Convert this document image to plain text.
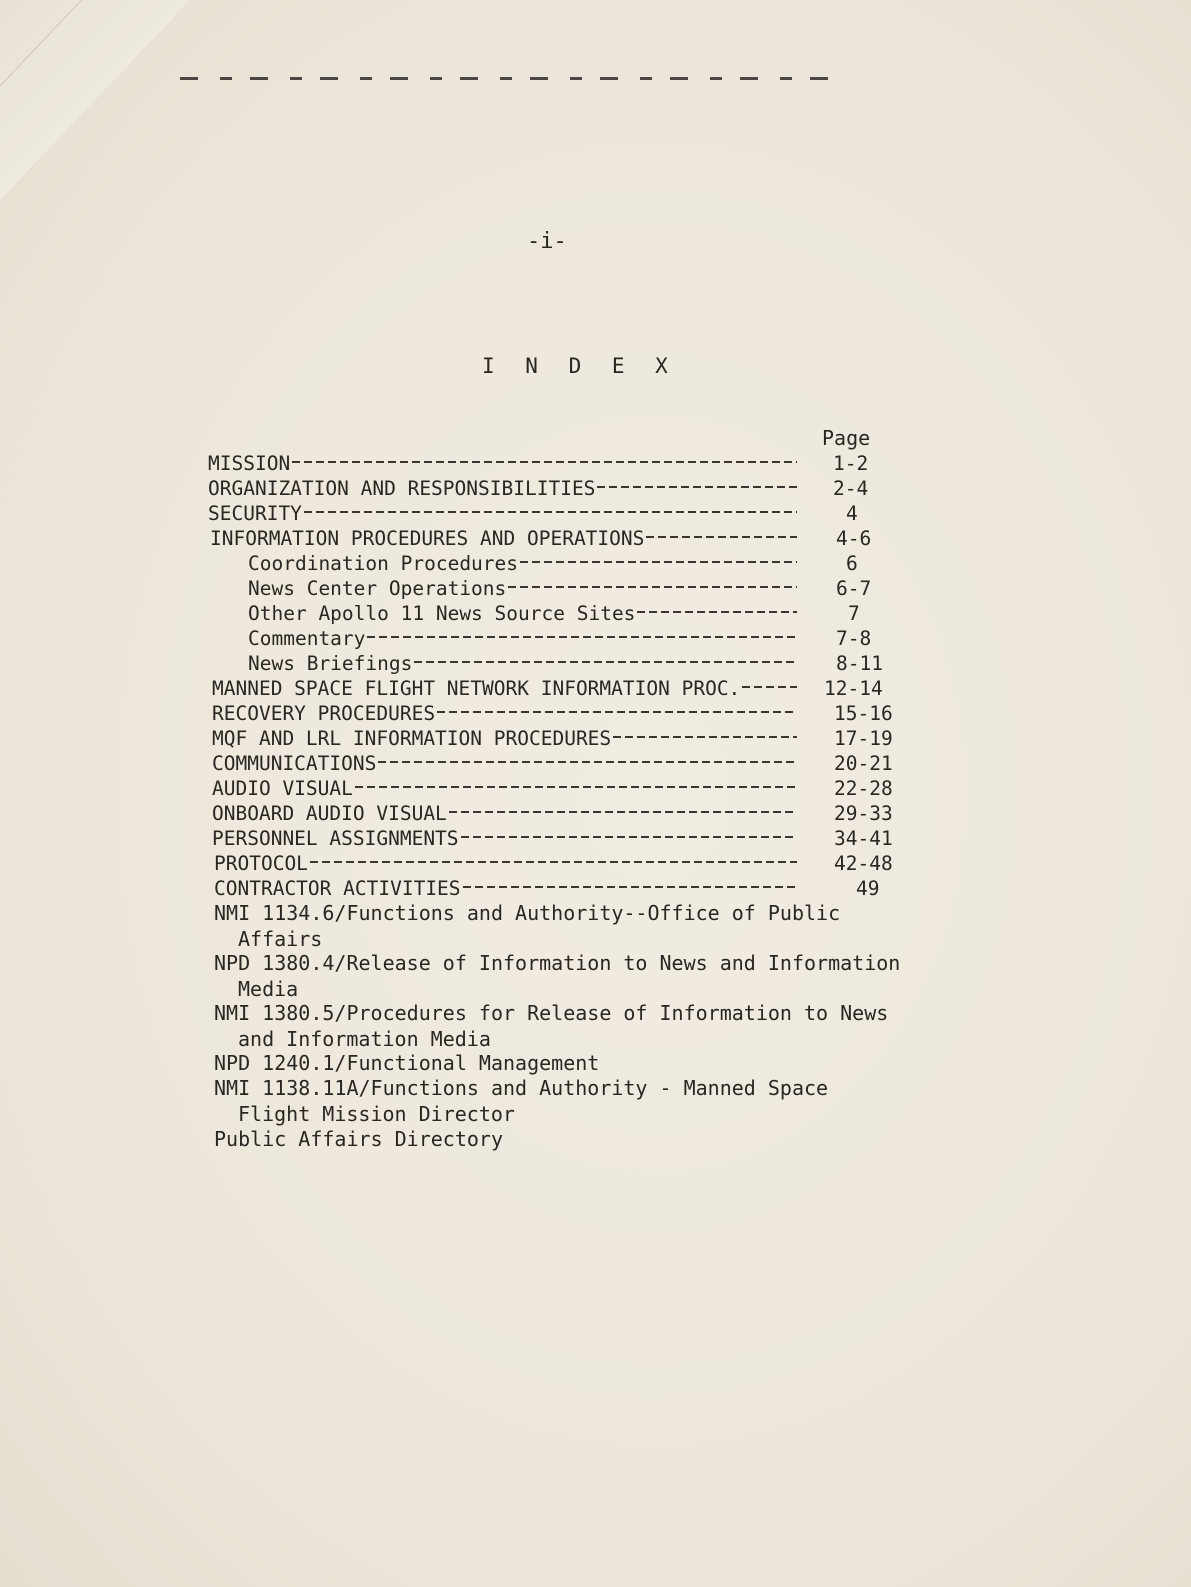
-i-
I N D E X
Page
MISSION	1-2
ORGANIZATION AND RESPONSIBILITIES	2-4
SECURITY	4
INFORMATION PROCEDURES AND OPERATIONS	4-6
Coordination Procedures	6
News Center Operations	6-7
Other Apollo 11 News Source Sites	7
Commentary	7-8
News Briefings	8-11
MANNED SPACE FLIGHT NETWORK INFORMATION PROC.	12-14
RECOVERY PROCEDURES	15-16
MQF AND LRL INFORMATION PROCEDURES	17-19
COMMUNICATIONS	20-21
AUDIO VISUAL	22-28
ONBOARD AUDIO VISUAL	29-33
PERSONNEL ASSIGNMENTS	34-41
PROTOCOL	42-48
CONTRACTOR ACTIVITIES	49
NMI 1134.6/Functions and Authority--Office of Public
Affairs
NPD 1380.4/Release of Information to News and Information
Media
NMI 1380.5/Procedures for Release of Information to News
and Information Media
NPD 1240.1/Functional Management
NMI 1138.11A/Functions and Authority - Manned Space
Flight Mission Director
Public Affairs Directory
